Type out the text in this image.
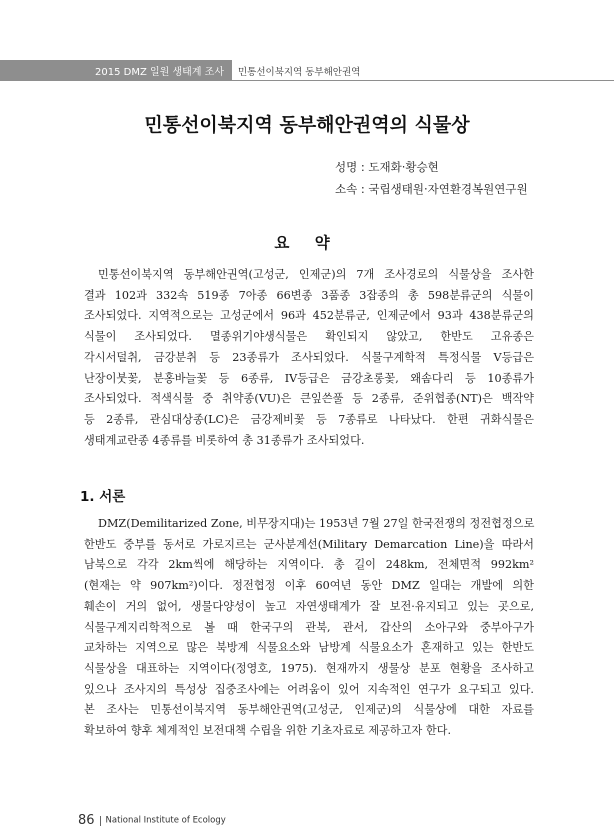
2015 DMZ 일원 생태계 조사 민통선이북지역 동부해안권역
민통선이북지역 동부해안권역의 식물상
성명 : 도재화·황승현
소속 : 국립생태원·자연환경복원연구원
요 약
민통선이북지역 동부해안권역(고성군, 인제군)의 7개 조사경로의 식물상을 조사한
결과 102과 332속 519종 7아종 66변종 3품종 3잡종의 총 598분류군의 식물이
조사되었다. 지역적으로는 고성군에서 96과 452분류군, 인제군에서 93과 438분류군의
식물이 조사되었다. 멸종위기야생식물은 확인되지 않았고, 한반도 고유종은
각시서덜취, 금강분취 등 23종류가 조사되었다. 식물구계학적 특정식물 V등급은
난장이붓꽃, 분홍바늘꽃 등 6종류, IV등급은 금강초롱꽃, 왜솜다리 등 10종류가
조사되었다. 적색식물 중 취약종(VU)은 큰잎쓴풀 등 2종류, 준위협종(NT)은 백작약
등 2종류, 관심대상종(LC)은 금강제비꽃 등 7종류로 나타났다. 한편 귀화식물은
생태계교란종 4종류를 비롯하여 총 31종류가 조사되었다.
1. 서론
DMZ(Demilitarized Zone, 비무장지대)는 1953년 7월 27일 한국전쟁의 정전협정으로
한반도 중부를 동서로 가로지르는 군사분계선(Military Demarcation Line)을 따라서
남북으로 각각 2km씩에 해당하는 지역이다. 총 길이 248km, 전체면적 992km²
(현재는 약 907km²)이다. 정전협정 이후 60여년 동안 DMZ 일대는 개발에 의한
훼손이 거의 없어, 생물다양성이 높고 자연생태계가 잘 보전·유지되고 있는 곳으로,
식물구계지리학적으로 볼 때 한국구의 관북, 관서, 갑산의 소아구와 중부아구가
교차하는 지역으로 많은 북방계 식물요소와 남방계 식물요소가 혼재하고 있는 한반도
식물상을 대표하는 지역이다(정영호, 1975). 현재까지 생물상 분포 현황을 조사하고
있으나 조사지의 특성상 집중조사에는 어려움이 있어 지속적인 연구가 요구되고 있다.
본 조사는 민통선이북지역 동부해안권역(고성군, 인제군)의 식물상에 대한 자료를
확보하여 향후 체계적인 보전대책 수립을 위한 기초자료로 제공하고자 한다.
86 National Institute of Ecology
